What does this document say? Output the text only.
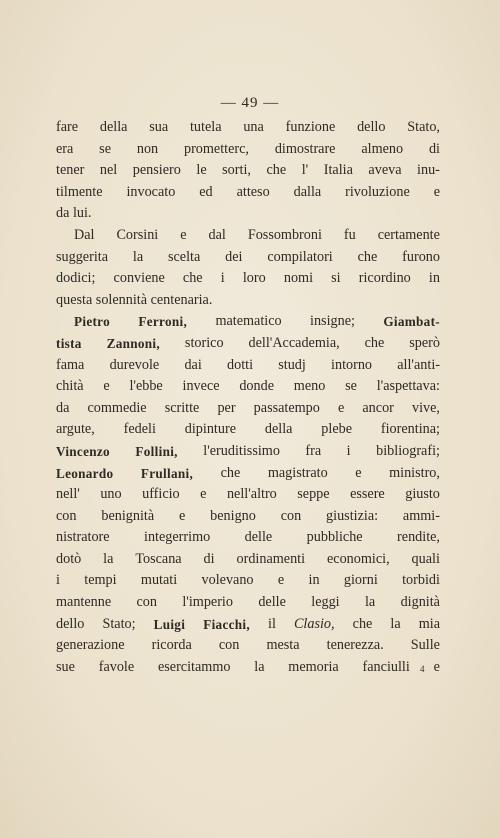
— 49 —
fare della sua tutela una funzione dello Stato,
era se non prometterc, dimostrare almeno di
tener nel pensiero le sorti, che l' Italia aveva inu-
tilmente invocato ed atteso dalla rivoluzione e
da
lui.
Dal Corsini e dal Fossombroni fu certamente
suggerita la scelta dei compilatori che furono
dodici; conviene che i loro nomi si ricordino in
questa
solennità
centenaria.
Pietro Ferroni, matematico insigne; Giambat-
tista Zannoni, storico dell'Accademia, che sperò
fama durevole dai dotti studj intorno all'anti-
chità e l'ebbe invece donde meno se l'aspettava:
da commedie scritte per passatempo e ancor vive,
argute, fedeli dipinture della plebe fiorentina;
Vincenzo Follini, l'eruditissimo fra i bibliografi;
Leonardo Frullani, che magistrato e ministro,
nell' uno ufficio e nell'altro seppe essere giusto
con benignità e benigno con giustizia: ammi-
nistratore integerrimo delle pubbliche rendite,
dotò la Toscana di ordinamenti economici, quali
i tempi mutati volevano e in giorni torbidi
mantenne con l'imperio delle leggi la dignità
dello Stato; Luigi Fiacchi, il Clasio, che la mia
generazione ricorda con mesta tenerezza. Sulle
sue favole esercitammo la memoria fanciulli e
4
